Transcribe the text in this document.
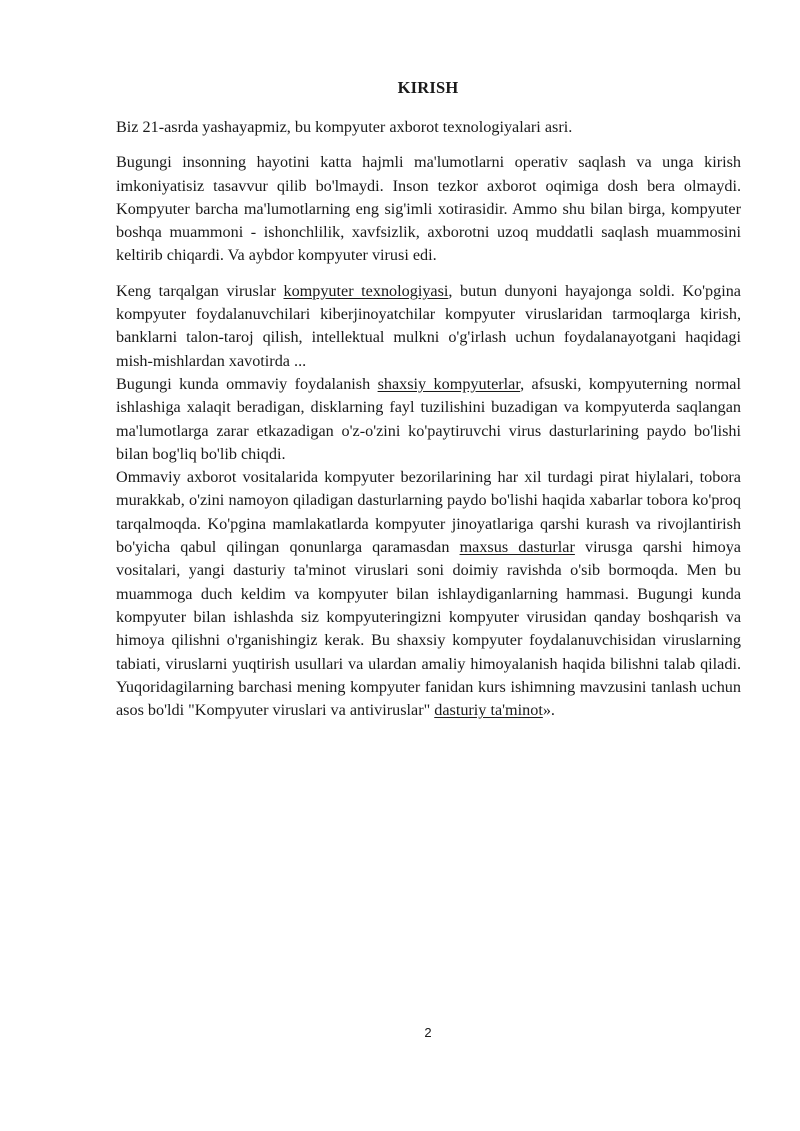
KIRISH

Biz 21-asrda yashayapmiz, bu kompyuter axborot texnologiyalari asri.

Bugungi insonning hayotini katta hajmli ma'lumotlarni operativ saqlash va unga kirish imkoniyatisiz tasavvur qilib bo'lmaydi. Inson tezkor axborot oqimiga dosh bera olmaydi. Kompyuter barcha ma'lumotlarning eng sig'imli xotirasidir. Ammo shu bilan birga, kompyuter boshqa muammoni - ishonchlilik, xavfsizlik, axborotni uzoq muddatli saqlash muammosini keltirib chiqardi. Va aybdor kompyuter virusi edi.

Keng tarqalgan viruslar kompyuter texnologiyasi, butun dunyoni hayajonga soldi. Ko'pgina kompyuter foydalanuvchilari kiberjinoyatchilar kompyuter viruslaridan tarmoqlarga kirish, banklarni talon-taroj qilish, intellektual mulkni o'g'irlash uchun foydalanayotgani haqidagi mish-mishlardan xavotirda ...

Bugungi kunda ommaviy foydalanish shaxsiy kompyuterlar, afsuski, kompyuterning normal ishlashiga xalaqit beradigan, disklarning fayl tuzilishini buzadigan va kompyuterda saqlangan ma'lumotlarga zarar etkazadigan o'z-o'zini ko'paytiruvchi virus dasturlarining paydo bo'lishi bilan bog'liq bo'lib chiqdi.

Ommaviy axborot vositalarida kompyuter bezorilarining har xil turdagi pirat hiylalari, tobora murakkab, o'zini namoyon qiladigan dasturlarning paydo bo'lishi haqida xabarlar tobora ko'proq tarqalmoqda. Ko'pgina mamlakatlarda kompyuter jinoyatlariga qarshi kurash va rivojlantirish bo'yicha qabul qilingan qonunlarga qaramasdan maxsus dasturlar virusga qarshi himoya vositalari, yangi dasturiy ta'minot viruslari soni doimiy ravishda o'sib bormoqda. Men bu muammoga duch keldim va kompyuter bilan ishlaydiganlarning hammasi. Bugungi kunda kompyuter bilan ishlashda siz kompyuteringizni kompyuter virusidan qanday boshqarish va himoya qilishni o'rganishingiz kerak. Bu shaxsiy kompyuter foydalanuvchisidan viruslarning tabiati, viruslarni yuqtirish usullari va ulardan amaliy himoyalanish haqida bilishni talab qiladi. Yuqoridagilarning barchasi mening kompyuter fanidan kurs ishimning mavzusini tanlash uchun asos bo'ldi "Kompyuter viruslari va antiviruslar" dasturiy ta'minot».

2
